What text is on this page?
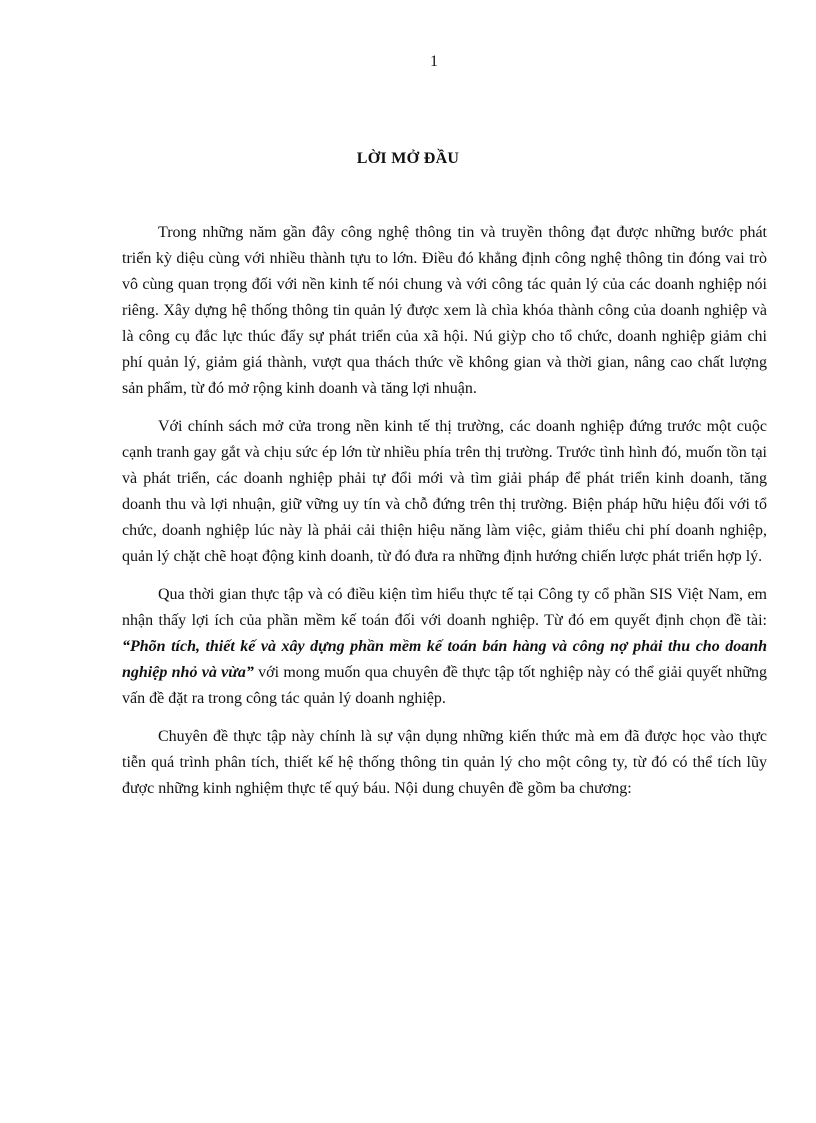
1
LỜI MỞ ĐẦU

Trong những năm gần đây công nghệ thông tin và truyền thông đạt được những bước phát triển kỳ diệu cùng với nhiều thành tựu to lớn. Điều đó khẳng định công nghệ thông tin đóng vai trò vô cùng quan trọng đối với nền kinh tế nói chung và với công tác quản lý của các doanh nghiệp nói riêng. Xây dựng hệ thống thông tin quản lý được xem là chìa khóa thành công của doanh nghiệp và là công cụ đắc lực thúc đẩy sự phát triển của xã hội. Nú giỳp cho tổ chức, doanh nghiệp giảm chi phí quản lý, giảm giá thành, vượt qua thách thức về không gian và thời gian, nâng cao chất lượng sản phẩm, từ đó mở rộng kinh doanh và tăng lợi nhuận.

Với chính sách mở cửa trong nền kinh tế thị trường, các doanh nghiệp đứng trước một cuộc cạnh tranh gay gắt và chịu sức ép lớn từ nhiều phía trên thị trường. Trước tình hình đó, muốn tồn tại và phát triển, các doanh nghiệp phải tự đổi mới và tìm giải pháp để phát triển kinh doanh, tăng doanh thu và lợi nhuận, giữ vững uy tín và chỗ đứng trên thị trường. Biện pháp hữu hiệu đối với tổ chức, doanh nghiệp lúc này là phải cải thiện hiệu năng làm việc, giảm thiểu chi phí doanh nghiệp, quản lý chặt chẽ hoạt động kinh doanh, từ đó đưa ra những định hướng chiến lược phát triển hợp lý.

Qua thời gian thực tập và có điều kiện tìm hiểu thực tế tại Công ty cổ phần SIS Việt Nam, em nhận thấy lợi ích của phần mềm kế toán đối với doanh nghiệp. Từ đó em quyết định chọn đề tài: “Phõn tích, thiết kế và xây dựng phần mềm kế toán bán hàng và công nợ phải thu cho doanh nghiệp nhỏ và vừa” với mong muốn qua chuyên đề thực tập tốt nghiệp này có thể giải quyết những vấn đề đặt ra trong công tác quản lý doanh nghiệp.

Chuyên đề thực tập này chính là sự vận dụng những kiến thức mà em đã được học vào thực tiễn quá trình phân tích, thiết kế hệ thống thông tin quản lý cho một công ty, từ đó có thể tích lũy được những kinh nghiệm thực tế quý báu. Nội dung chuyên đề gồm ba chương:
